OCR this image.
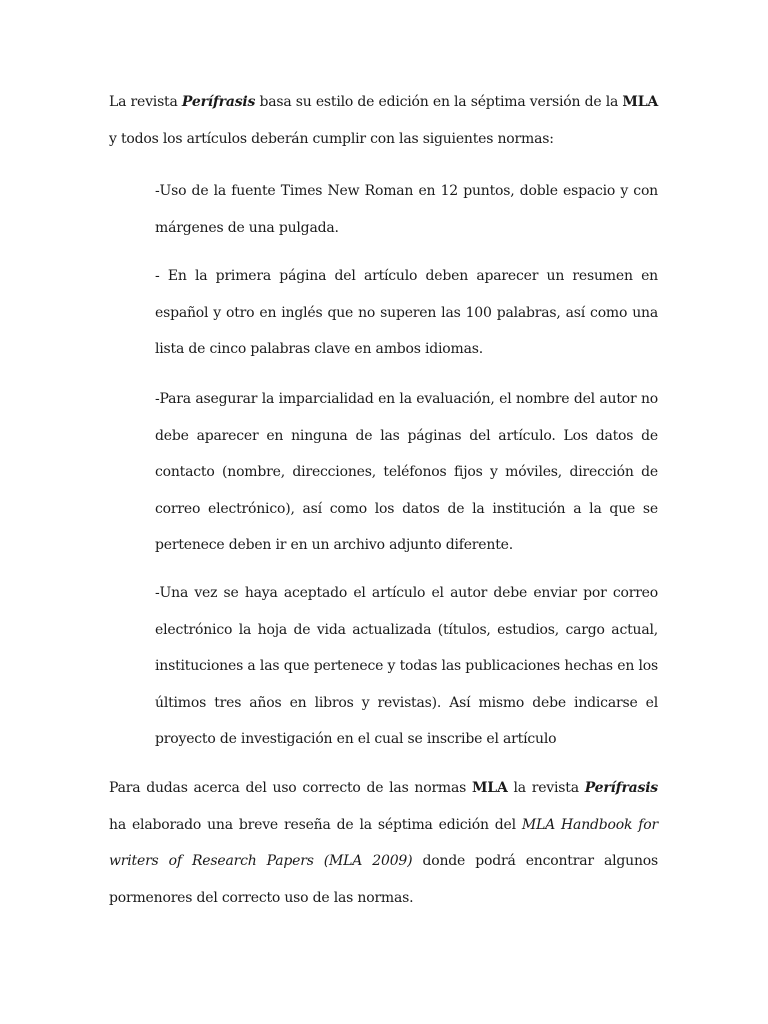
La revista Perífrasis basa su estilo de edición en la séptima versión de la MLA y todos los artículos deberán cumplir con las siguientes normas:

-Uso de la fuente Times New Roman en 12 puntos, doble espacio y con márgenes de una pulgada.

- En la primera página del artículo deben aparecer un resumen en español y otro en inglés que no superen las 100 palabras, así como una lista de cinco palabras clave en ambos idiomas.

-Para asegurar la imparcialidad en la evaluación, el nombre del autor no debe aparecer en ninguna de las páginas del artículo. Los datos de contacto (nombre, direcciones, teléfonos fijos y móviles, dirección de correo electrónico), así como los datos de la institución a la que se pertenece deben ir en un archivo adjunto diferente.

-Una vez se haya aceptado el artículo el autor debe enviar por correo electrónico la hoja de vida actualizada (títulos, estudios, cargo actual, instituciones a las que pertenece y todas las publicaciones hechas en los últimos tres años en libros y revistas). Así mismo debe indicarse el proyecto de investigación en el cual se inscribe el artículo

Para dudas acerca del uso correcto de las normas MLA la revista Perífrasis ha elaborado una breve reseña de la séptima edición del MLA Handbook for writers of Research Papers (MLA 2009) donde podrá encontrar algunos pormenores del correcto uso de las normas.
